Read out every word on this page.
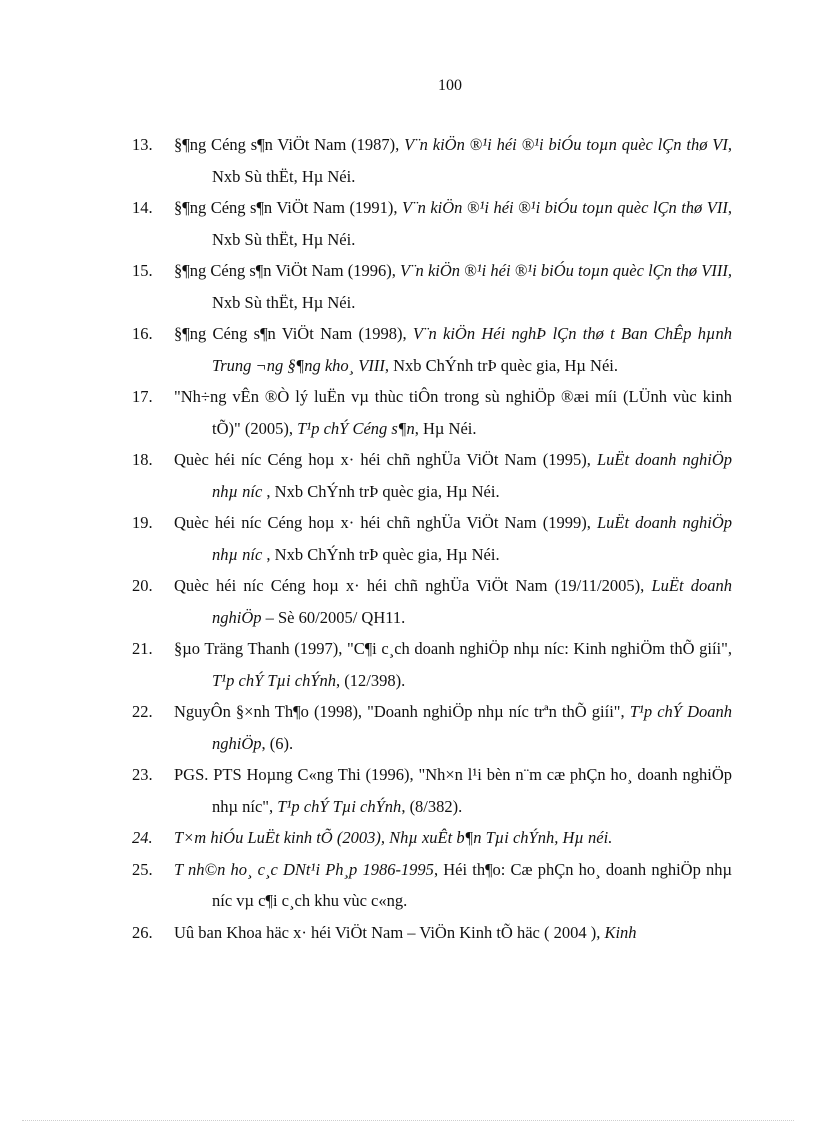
100

13. §¶ng Céng s¶n ViÖt Nam (1987), V¨n kiÖn ®¹i héi ®¹i biÓu toµn quèc lÇn thø VI, Nxb Sù thËt, Hµ Néi.

14. §¶ng Céng s¶n ViÖt Nam (1991), V¨n kiÖn ®¹i héi ®¹i biÓu toµn quèc lÇn thø VII, Nxb Sù thËt, Hµ Néi.

15. §¶ng Céng s¶n ViÖt Nam (1996), V¨n kiÖn ®¹i héi ®¹i biÓu toµn quèc lÇn thø VIII, Nxb Sù thËt, Hµ Néi.

16. §¶ng Céng s¶n ViÖt Nam (1998), V¨n kiÖn Héi nghÞ lÇn thø t Ban ChÊp hµnh Trung ¬ng §¶ng kho¸ VIII, Nxb ChÝnh trÞ quèc gia, Hµ Néi.

17. "Nh÷ng vÊn ®Ò lý luËn vµ thùc tiÔn trong sù nghiÖp ®æi míi (LÜnh vùc kinh tÕ)" (2005), T¹p chÝ Céng s¶n, Hµ Néi.

18. Quèc héi níc Céng hoµ x· héi chñ nghÜa ViÖt Nam (1995), LuËt doanh nghiÖp nhµ níc , Nxb ChÝnh trÞ quèc gia, Hµ Néi.

19. Quèc héi níc Céng hoµ x· héi chñ nghÜa ViÖt Nam (1999), LuËt doanh nghiÖp nhµ níc , Nxb ChÝnh trÞ quèc gia, Hµ Néi.

20. Quèc héi níc Céng hoµ x· héi chñ nghÜa ViÖt Nam (19/11/2005), LuËt doanh nghiÖp – Sè 60/2005/ QH11.

21. §µo Träng Thanh (1997), "C¶i c¸ch doanh nghiÖp nhµ níc: Kinh nghiÖm thÕ giíi", T¹p chÝ Tµi chÝnh, (12/398).

22. NguyÔn §×nh Th¶o (1998), "Doanh nghiÖp nhµ níc trªn thÕ giíi", T¹p chÝ Doanh nghiÖp, (6).

23. PGS. PTS Hoµng C«ng Thi (1996), "Nh×n l¹i bèn n¨m cæ phÇn ho¸ doanh nghiÖp nhµ níc", T¹p chÝ Tµi chÝnh, (8/382).

24. T×m hiÓu LuËt kinh tÕ (2003), Nhµ xuÊt b¶n Tµi chÝnh, Hµ néi.

25. T nh©n ho¸ c¸c DNt¹i Ph¸p 1986-1995, Héi th¶o: Cæ phÇn ho¸ doanh nghiÖp nhµ níc vµ c¶i c¸ch khu vùc c«ng.

26. Uû ban Khoa häc x· héi ViÖt Nam – ViÖn Kinh tÕ häc ( 2004 ), Kinh
